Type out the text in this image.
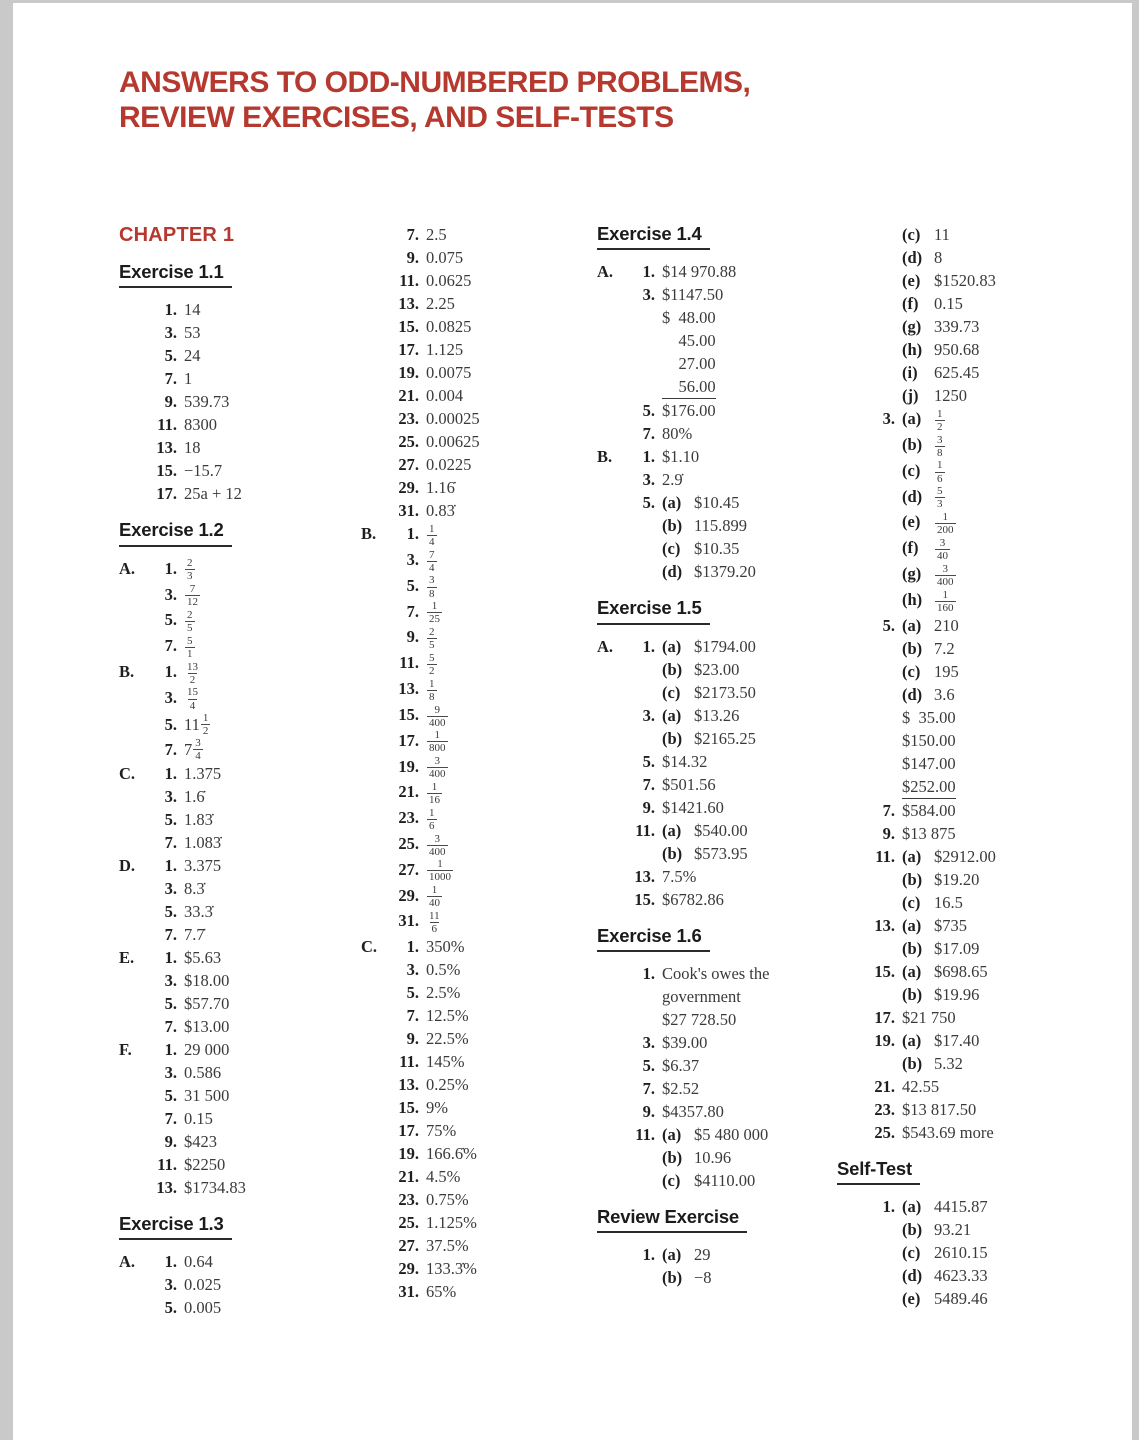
ANSWERS TO ODD-NUMBERED PROBLEMS,
REVIEW EXERCISES, AND SELF-TESTS
CHAPTER 1
Exercise 1.1
1. 14
3. 53
5. 24
7. 1
9. 539.73
11. 8300
13. 18
15. −15.7
17. 25a + 12
Exercise 1.2
A.	1. $\frac{2}{3}$
3. $\frac{7}{12}$
5. $\frac{2}{5}$
7. $\frac{5}{1}$
B.	1. $\frac{13}{2}$
3. $\frac{15}{4}$
5. $11 \frac{1}{2}$
7. $7 \frac{3}{4}$
C.	1. 1.375
3. 1.6̇
5. 1.83̇
7. 1.083̇
D.	1. 3.375
3. 8.3̇
5. 33.3̇
7. 7.7̇
E.	1. $5.63
3. $18.00
5. $57.70
7. $13.00
F.	1. 29 000
3. 0.586
5. 31 500
7. 0.15
9. $423
11. $2250
13. $1734.83
Exercise 1.3
A.	1. 0.64
3. 0.025
5. 0.005
7. 2.5
9. 0.075
11. 0.0625
13. 2.25
15. 0.0825
17. 1.125
19. 0.0075
21. 0.004
23. 0.00025
25. 0.00625
27. 0.0225
29. 1.16̇
31. 0.83̇
B.	1. $\frac{1}{4}$
3. $\frac{7}{4}$
5. $\frac{3}{8}$
7. $\frac{1}{25}$
9. $\frac{2}{5}$
11. $\frac{5}{2}$
13. $\frac{1}{8}$
15. $\frac{9}{400}$
17. $\frac{1}{800}$
19. $\frac{3}{400}$
21. $\frac{1}{16}$
23. $\frac{1}{6}$
25. $\frac{3}{400}$
27. $\frac{1}{1000}$
29. $\frac{1}{40}$
31. $\frac{11}{6}$
C.	1. 350%
3. 0.5%
5. 2.5%
7. 12.5%
9. 22.5%
11. 145%
13. 0.25%
15. 9%
17. 75%
19. 166.6̇%
21. 4.5%
23. 0.75%
25. 1.125%
27. 37.5%
29. 133.3̇%
31. 65%
Exercise 1.4
A.	1. $14 970.88
3. $1147.50
5.
$  48.00
45.00
27.00
56.00
$176.00
7. 80%
B.	1. $1.10
3. 2.9̇
5. (a) $10.45
(b) 115.899
(c) $10.35
(d) $1379.20
Exercise 1.5
A.	1. (a) $1794.00
(b) $23.00
(c) $2173.50
3. (a) $13.26
(b) $2165.25
5. $14.32
7. $501.56
9. $1421.60
11. (a) $540.00
(b) $573.95
13. 7.5%
15. $6782.86
Exercise 1.6
1. Cook's owes the
government
$27 728.50
3. $39.00
5. $6.37
7. $2.52
9. $4357.80
11. (a) $5 480 000
(b) 10.96
(c) $4110.00
Review Exercise
1. (a) 29
(b) −8
(c) 11
(d) 8
(e) $1520.83
(f) 0.15
(g) 339.73
(h) 950.68
(i) 625.45
(j) 1250
3. (a)	$\frac{1}{2}$
(b)	$\frac{3}{8}$
(c)	$\frac{1}{6}$
(d)	$\frac{5}{3}$
(e)	$\frac{1}{200}$
(f)	$\frac{3}{40}$
(g)	$\frac{3}{400}$
(h)	$\frac{1}{160}$
5. (a) 210
(b) 7.2
(c) 195
(d) 3.6
7.
$  35.00
$150.00
$147.00
$252.00
$584.00
9. $13 875
11. (a) $2912.00
(b) $19.20
(c) 16.5
13. (a) $735
(b) $17.09
15. (a) $698.65
(b) $19.96
17. $21 750
19. (a) $17.40
(b) 5.32
21. 42.55
23. $13 817.50
25. $543.69 more
Self-Test
1. (a) 4415.87
(b) 93.21
(c) 2610.15
(d) 4623.33
(e) 5489.46
